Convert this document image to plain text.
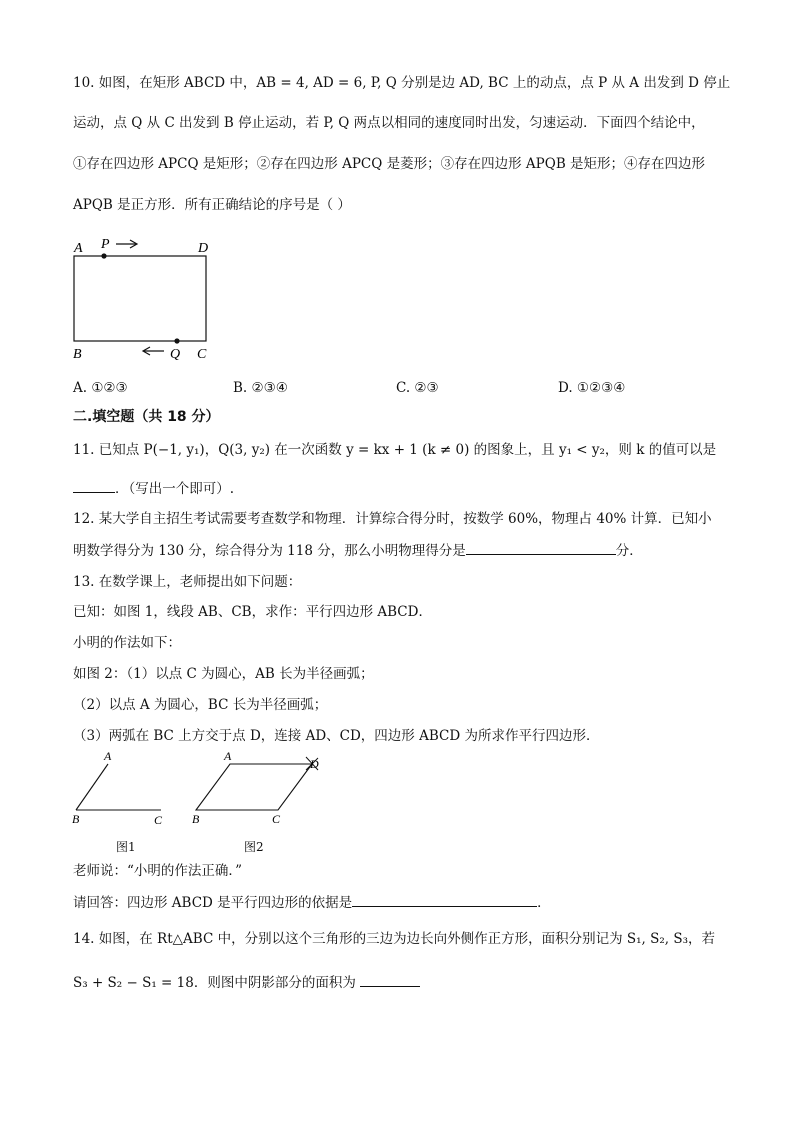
10. 如图，在矩形 ABCD 中，AB = 4, AD = 6, P, Q 分别是边 AD, BC 上的动点，点 P 从 A 出发到 D 停止
运动，点 Q 从 C 出发到 B 停止运动，若 P, Q 两点以相同的速度同时出发，匀速运动．下面四个结论中，
①存在四边形 APCQ 是矩形；②存在四边形 APCQ 是菱形；③存在四边形 APQB 是矩形；④存在四边形
APQB 是正方形．所有正确结论的序号是（ ）
A P	D
B	Q C
A. ①②③	B. ②③④	C. ②③	D. ①②③④
二.填空题（共 18 分）
11. 已知点 P(−1, y₁)，Q(3, y₂) 在一次函数 y = kx + 1 (k ≠ 0) 的图象上，且 y₁ < y₂，则 k 的值可以是
．（写出一个即可）.
12. 某大学自主招生考试需要考查数学和物理．计算综合得分时，按数学 60%，物理占 40% 计算．已知小
明数学得分为 130 分，综合得分为 118 分，那么小明物理得分是	分．
13. 在数学课上，老师提出如下问题：
已知：如图 1，线段 AB、CB，求作：平行四边形 ABCD．
小明的作法如下：
如图 2：（1）以点 C 为圆心，AB 长为半径画弧；
（2）以点 A 为圆心，BC 长为半径画弧；
（3）两弧在 BC 上方交于点 D，连接 AD、CD，四边形 ABCD 为所求作平行四边形．
A
B	C
图1
A
D
B	C
图2
老师说：“小明的作法正确．”
请回答：四边形 ABCD 是平行四边形的依据是	．
14. 如图，在 Rt△ABC 中，分别以这个三角形的三边为边长向外侧作正方形，面积分别记为 S₁, S₂, S₃，若
S₃ + S₂ − S₁ = 18．则图中阴影部分的面积为
